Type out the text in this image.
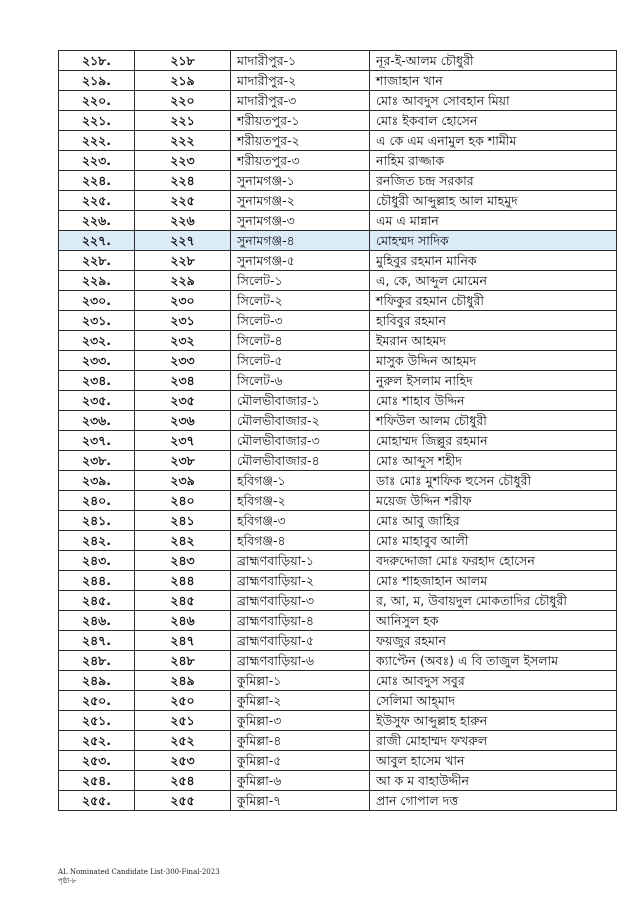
২১৮.	২১৮	মাদারীপুর-১	নূর-ই-আলম চৌধুরী
২১৯.	২১৯	মাদারীপুর-২	শাজাহান খান
২২০.	২২০	মাদারীপুর-৩	মোঃ আবদুস সোবহান মিয়া
২২১.	২২১	শরীয়তপুর-১	মোঃ ইকবাল হোসেন
২২২.	২২২	শরীয়তপুর-২	এ কে এম এনামুল হক শামীম
২২৩.	২২৩	শরীয়তপুর-৩	নাহিম রাজ্জাক
২২৪.	২২৪	সুনামগঞ্জ-১	রনজিত চন্দ্র সরকার
২২৫.	২২৫	সুনামগঞ্জ-২	চৌধুরী আব্দুল্লাহ আল মাহমুদ
২২৬.	২২৬	সুনামগঞ্জ-৩	এম এ মান্নান
২২৭.	২২৭	সুনামগঞ্জ-৪	মোহম্মদ সাদিক
২২৮.	২২৮	সুনামগঞ্জ-৫	মুহিবুর রহমান মানিক
২২৯.	২২৯	সিলেট-১	এ, কে, আব্দুল মোমেন
২৩০.	২৩০	সিলেট-২	শফিকুর রহমান চৌধুরী
২৩১.	২৩১	সিলেট-৩	হাবিবুর রহমান
২৩২.	২৩২	সিলেট-৪	ইমরান আহমদ
২৩৩.	২৩৩	সিলেট-৫	মাসুক উদ্দিন আহমদ
২৩৪.	২৩৪	সিলেট-৬	নুরুল ইসলাম নাহিদ
২৩৫.	২৩৫	মৌলভীবাজার-১	মোঃ শাহাব উদ্দিন
২৩৬.	২৩৬	মৌলভীবাজার-২	শফিউল আলম চৌধুরী
২৩৭.	২৩৭	মৌলভীবাজার-৩	মোহাম্মদ জিল্লুর রহমান
২৩৮.	২৩৮	মৌলভীবাজার-৪	মোঃ আব্দুস শহীদ
২৩৯.	২৩৯	হবিগঞ্জ-১	ডাঃ মোঃ মুশফিক হুসেন চৌধুরী
২৪০.	২৪০	হবিগঞ্জ-২	ময়েজ উদ্দিন শরীফ
২৪১.	২৪১	হবিগঞ্জ-৩	মোঃ আবু জাহির
২৪২.	২৪২	হবিগঞ্জ-৪	মোঃ মাহাবুব আলী
২৪৩.	২৪৩	ব্রাহ্মণবাড়িয়া-১	বদরুদ্দোজা মোঃ ফরহাদ হোসেন
২৪৪.	২৪৪	ব্রাহ্মণবাড়িয়া-২	মোঃ শাহজাহান আলম
২৪৫.	২৪৫	ব্রাহ্মণবাড়িয়া-৩	র, আ, ম, উবায়দুল মোকতাদির চৌধুরী
২৪৬.	২৪৬	ব্রাহ্মণবাড়িয়া-৪	আনিসুল হক
২৪৭.	২৪৭	ব্রাহ্মণবাড়িয়া-৫	ফয়জুর রহমান
২৪৮.	২৪৮	ব্রাহ্মণবাড়িয়া-৬	ক্যাপ্টেন (অবঃ) এ বি তাজুল ইসলাম
২৪৯.	২৪৯	কুমিল্লা-১	মোঃ আবদুস সবুর
২৫০.	২৫০	কুমিল্লা-২	সেলিমা আহ্‌মাদ
২৫১.	২৫১	কুমিল্লা-৩	ইউসুফ আব্দুল্লাহ হারুন
২৫২.	২৫২	কুমিল্লা-৪	রাজী মোহাম্মদ ফখরুল
২৫৩.	২৫৩	কুমিল্লা-৫	আবুল হাসেম খান
২৫৪.	২৫৪	কুমিল্লা-৬	আ ক ম বাহাউদ্দীন
২৫৫.	২৫৫	কুমিল্লা-৭	প্রান গোপাল দত্ত
AL Nominated Candidate List-300-Final-2023
পৃষ্ঠা-৮
